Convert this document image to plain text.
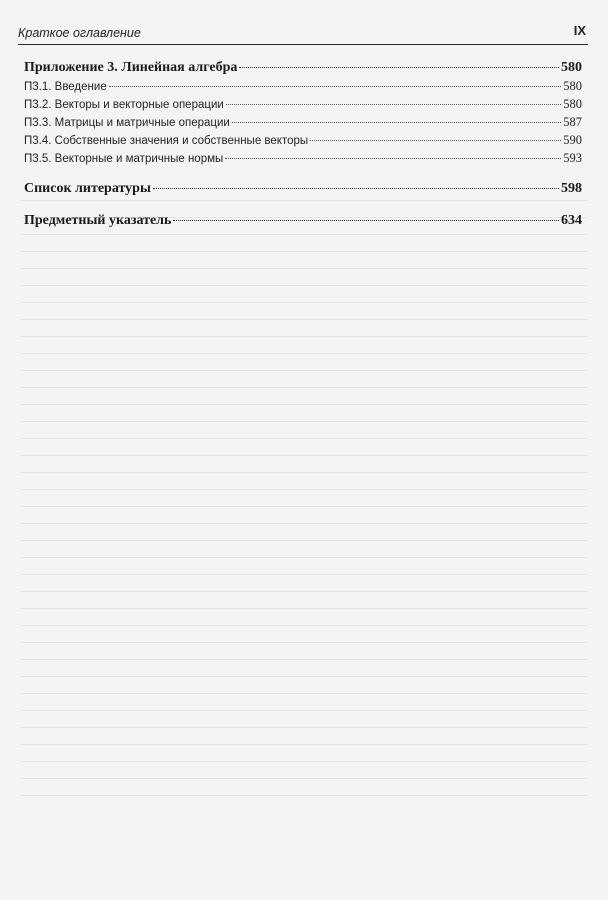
Краткое оглавление	IX
Приложение 3. Линейная алгебра	580
П3.1. Введение	580
П3.2. Векторы и векторные операции	580
П3.3. Матрицы и матричные операции	587
П3.4. Собственные значения и собственные векторы	590
П3.5. Векторные и матричные нормы	593
Список литературы	598
Предметный указатель	634
